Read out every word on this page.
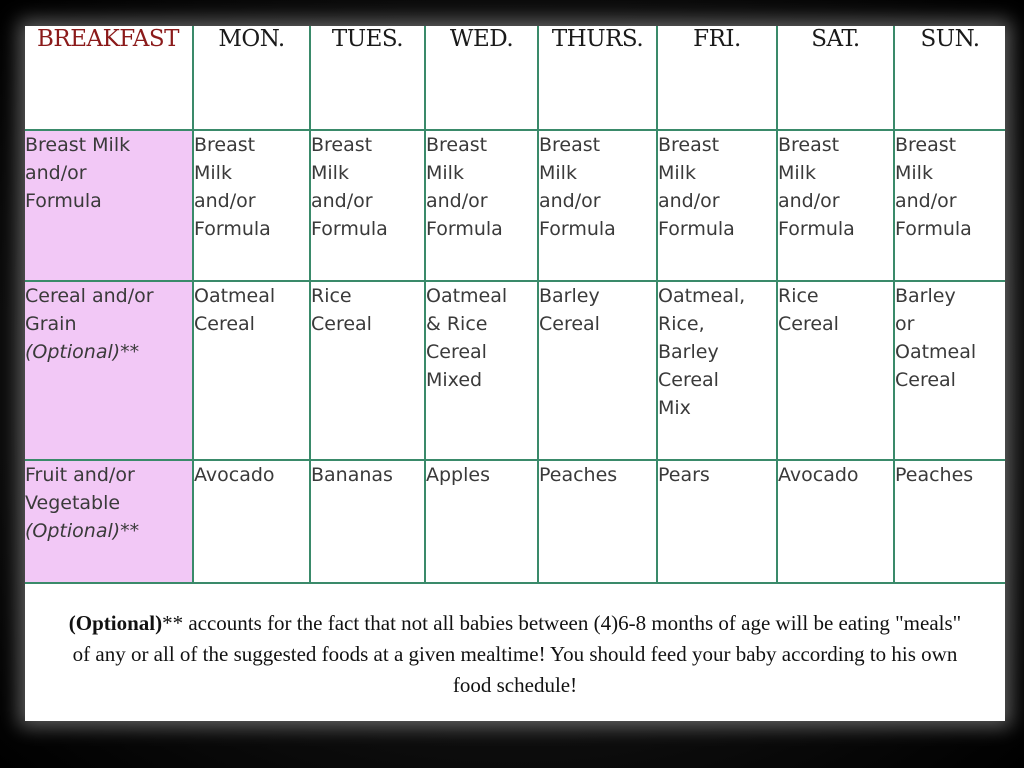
BREAKFAST	MON.	TUES.	WED.	THURS.	FRI.	SAT.	SUN.
Breast Milk
and/or
Formula	Breast
Milk
and/or
Formula	Breast
Milk
and/or
Formula	Breast
Milk
and/or
Formula	Breast
Milk
and/or
Formula	Breast
Milk
and/or
Formula	Breast
Milk
and/or
Formula	Breast
Milk
and/or
Formula
Cereal and/or
Grain
(Optional)**	Oatmeal
Cereal	Rice
Cereal	Oatmeal
& Rice
Cereal
Mixed	Barley
Cereal	Oatmeal,
Rice,
Barley
Cereal
Mix	Rice
Cereal	Barley
or
Oatmeal
Cereal
Fruit and/or
Vegetable
(Optional)**	Avocado	Bananas	Apples	Peaches	Pears	Avocado	Peaches
(Optional)** accounts for the fact that not all babies between (4)6-8 months of age will be eating "meals"
of any or all of the suggested foods at a given mealtime! You should feed your baby according to his own
food schedule!
